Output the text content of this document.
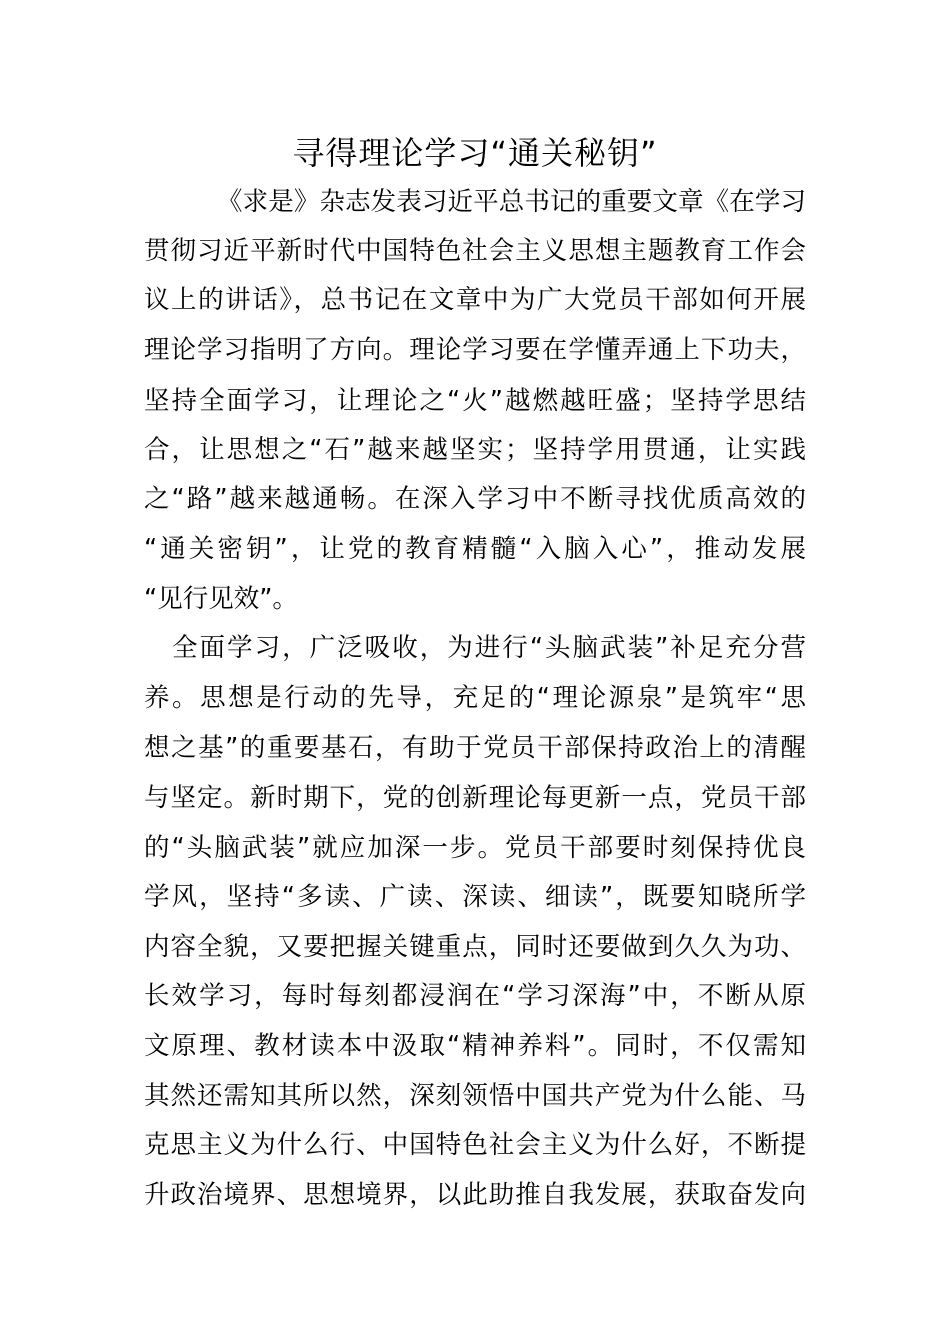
寻得理论学习“通关秘钥”
《求是》杂志发表习近平总书记的重要文章《在学习
贯彻习近平新时代中国特色社会主义思想主题教育工作会
议上的讲话》，总书记在文章中为广大党员干部如何开展
理论学习指明了方向。理论学习要在学懂弄通上下功夫，
坚持全面学习，让理论之“火”越燃越旺盛；坚持学思结
合，让思想之“石”越来越坚实；坚持学用贯通，让实践
之“路”越来越通畅。在深入学习中不断寻找优质高效的
“通关密钥”，让党的教育精髓“入脑入心”，推动发展
“见行见效”。
全面学习，广泛吸收，为进行“头脑武装”补足充分营
养。思想是行动的先导，充足的“理论源泉”是筑牢“思
想之基”的重要基石，有助于党员干部保持政治上的清醒
与坚定。新时期下，党的创新理论每更新一点，党员干部
的“头脑武装”就应加深一步。党员干部要时刻保持优良
学风，坚持“多读、广读、深读、细读”，既要知晓所学
内容全貌，又要把握关键重点，同时还要做到久久为功、
长效学习，每时每刻都浸润在“学习深海”中，不断从原
文原理、教材读本中汲取“精神养料”。同时，不仅需知
其然还需知其所以然，深刻领悟中国共产党为什么能、马
克思主义为什么行、中国特色社会主义为什么好，不断提
升政治境界、思想境界，以此助推自我发展，获取奋发向
